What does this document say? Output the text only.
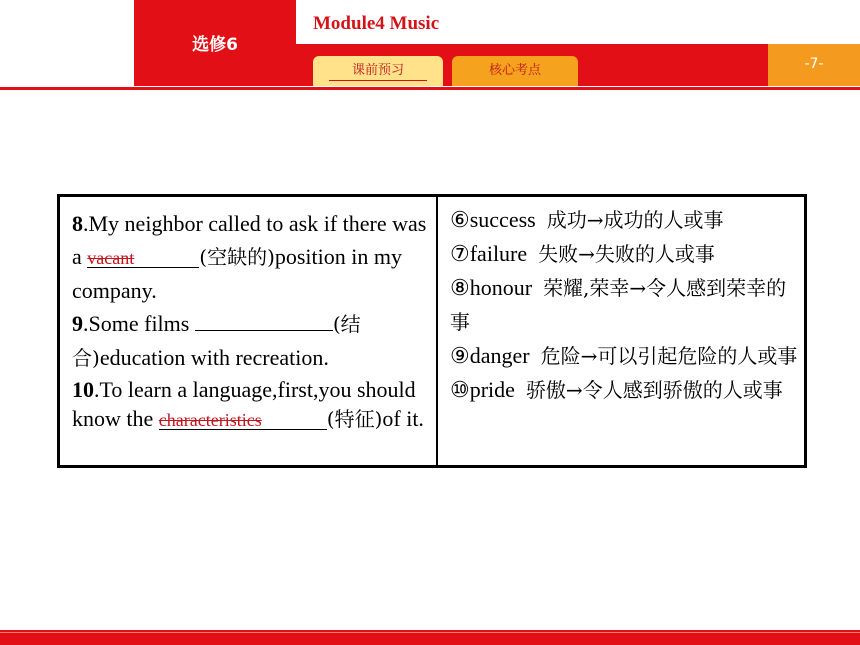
选修6
Module4 Music
-7-
课前预习	核心考点
8.My neighbor called to ask if there was a vacant	(空缺的)position in my company.
9.Some films	(结合)education with recreation.
10.To learn a language,first,you should know the characteristics	(特征)of it.
⑥success 成功→成功的人或事
⑦failure 失败→失败的人或事
⑧honour 荣耀,荣幸→令人感到荣幸的事
⑨danger 危险→可以引起危险的人或事
⑩pride 骄傲→令人感到骄傲的人或事
